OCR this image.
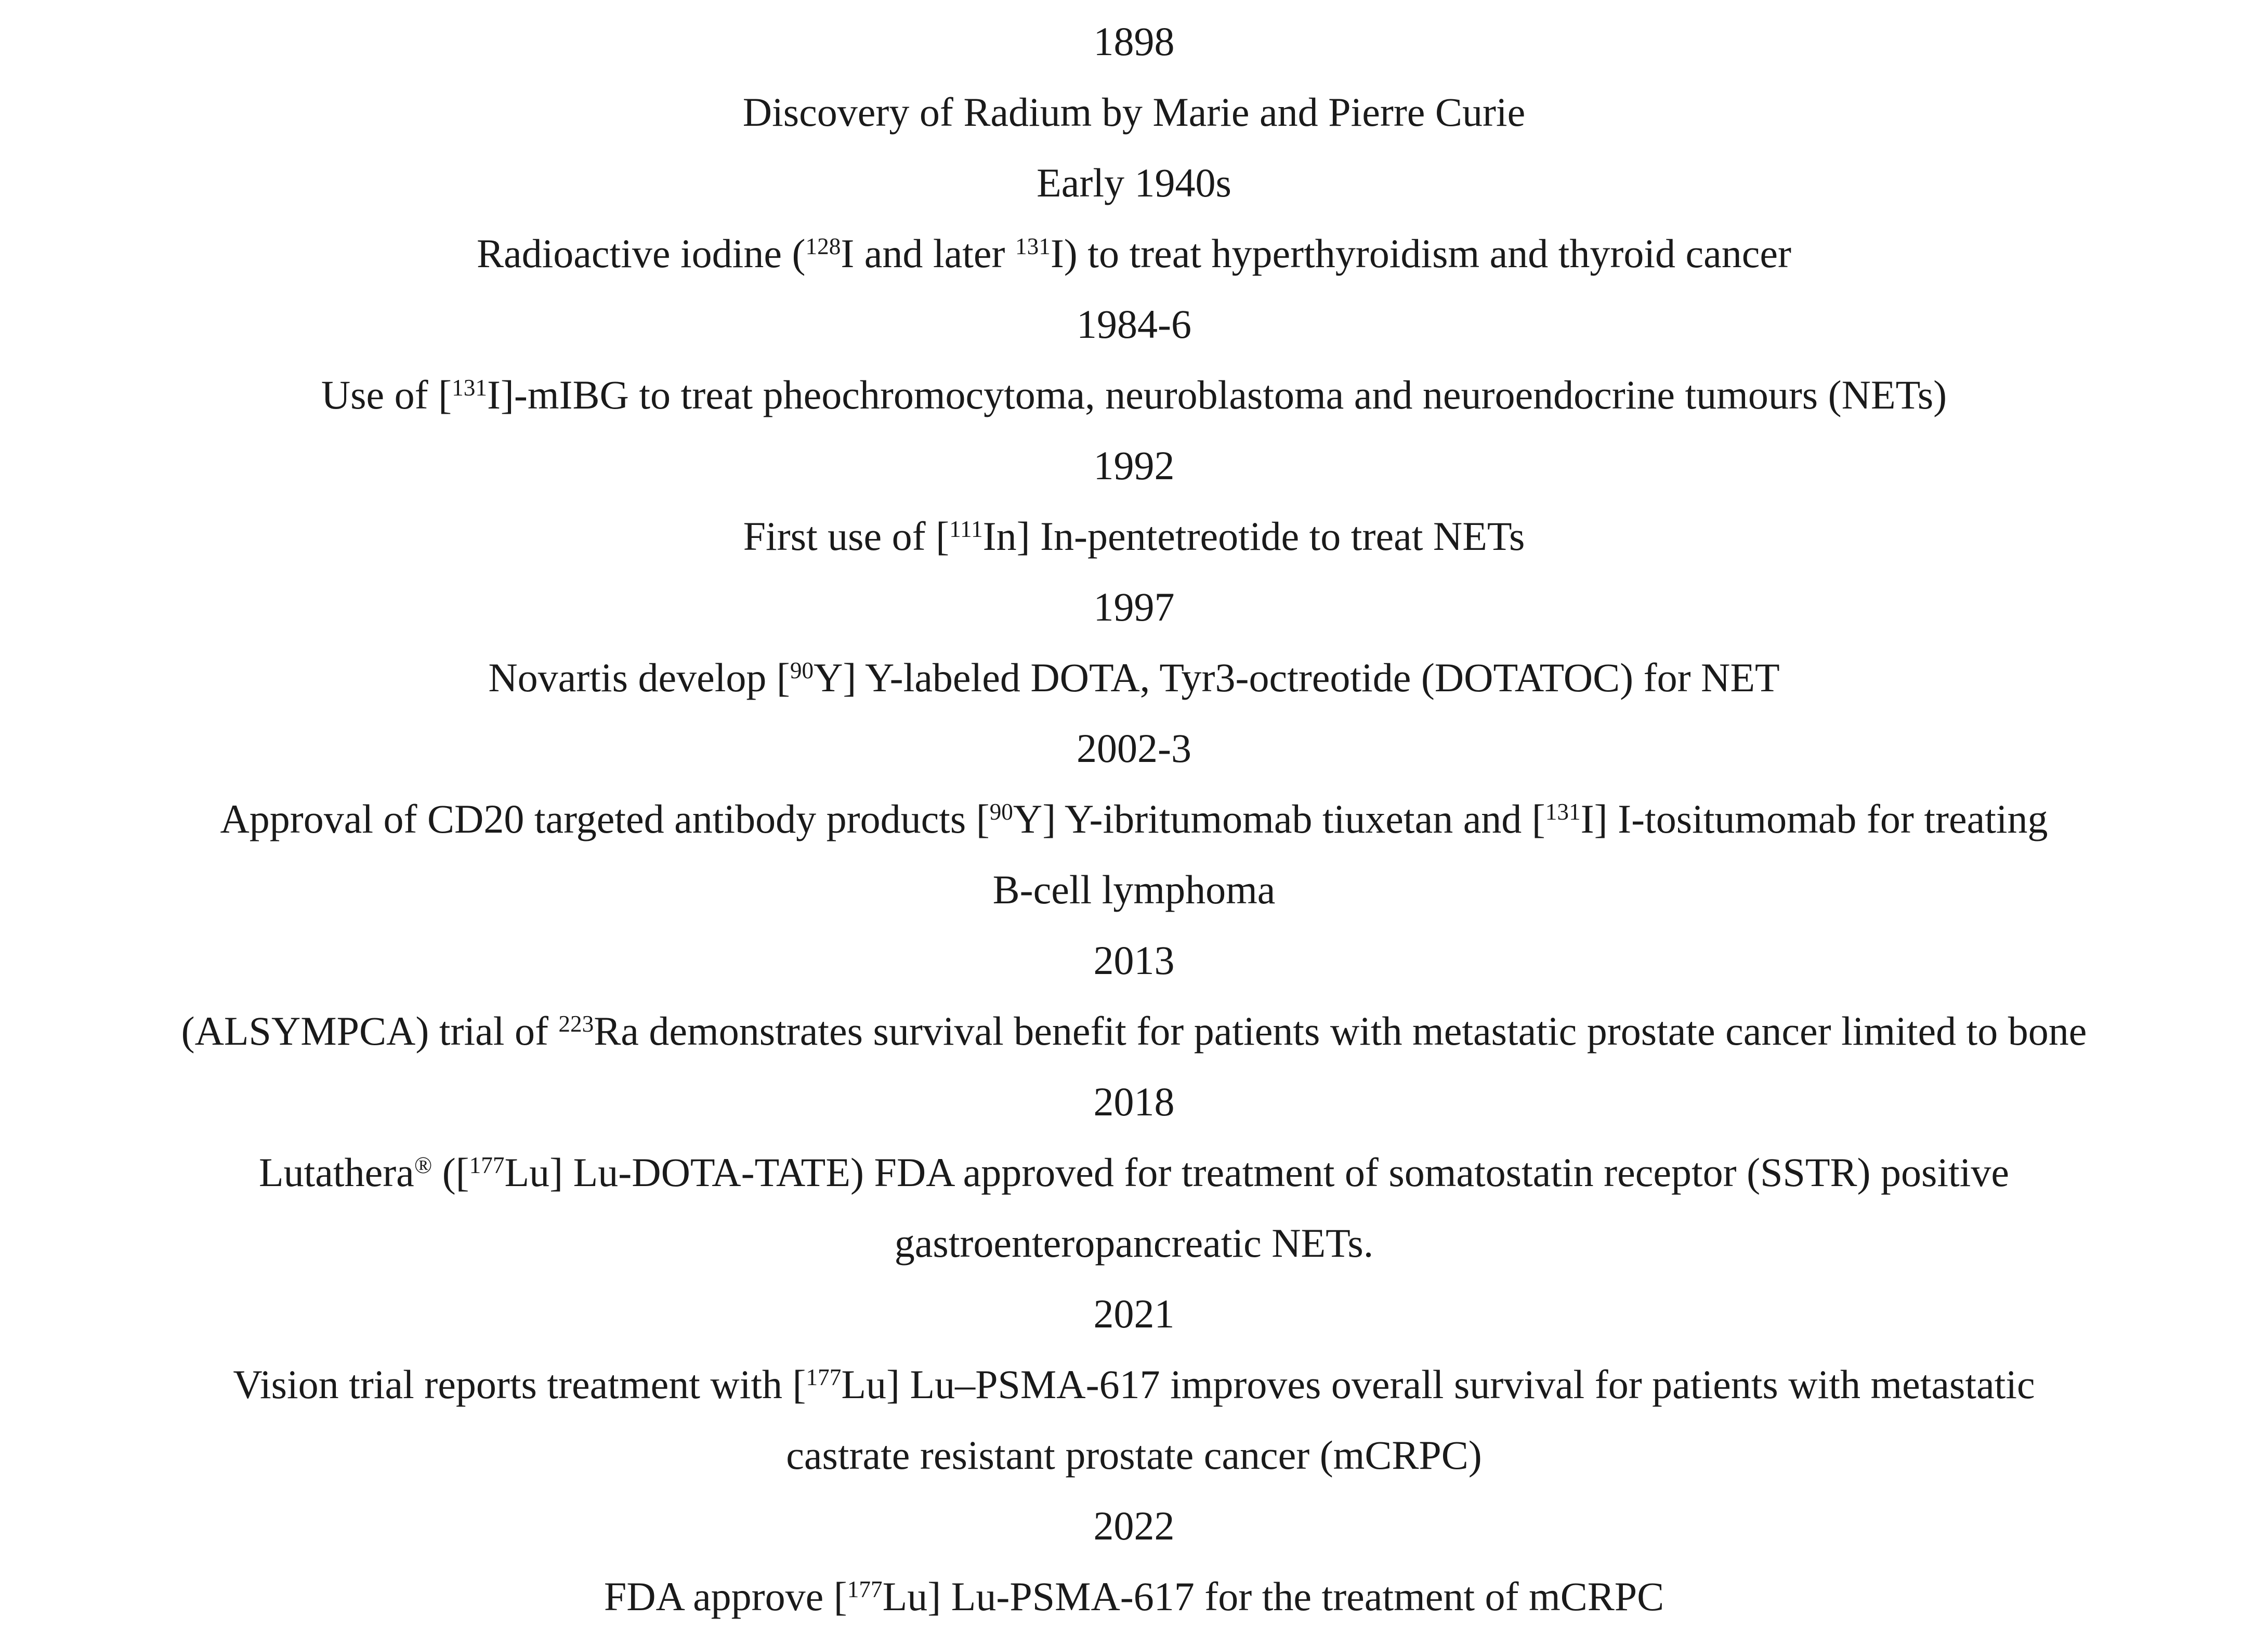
1898
Discovery of Radium by Marie and Pierre Curie
Early 1940s
Radioactive iodine ($^{128}$I and later $^{131}$I) to treat hyperthyroidism and thyroid cancer
1984-6
Use of [$^{131}$I]-mIBG to treat pheochromocytoma, neuroblastoma and neuroendocrine tumours (NETs)
1992
First use of [$^{111}$In] In-pentetreotide to treat NETs
1997
Novartis develop [$^{90}$Y] Y-labeled DOTA, Tyr3-octreotide (DOTATOC) for NET
2002-3
Approval of CD20 targeted antibody products [$^{90}$Y] Y-ibritumomab tiuxetan and [$^{131}$I] I-tositumomab for treating
B-cell lymphoma
2013
(ALSYMPCA) trial of $^{223}$Ra demonstrates survival benefit for patients with metastatic prostate cancer limited to bone
2018
Lutathera® ([$^{177}$Lu] Lu-DOTA-TATE) FDA approved for treatment of somatostatin receptor (SSTR) positive
gastroenteropancreatic NETs.
2021
Vision trial reports treatment with [$^{177}$Lu] Lu–PSMA-617 improves overall survival for patients with metastatic
castrate resistant prostate cancer (mCRPC)
2022
FDA approve [$^{177}$Lu] Lu-PSMA-617 for the treatment of mCRPC
